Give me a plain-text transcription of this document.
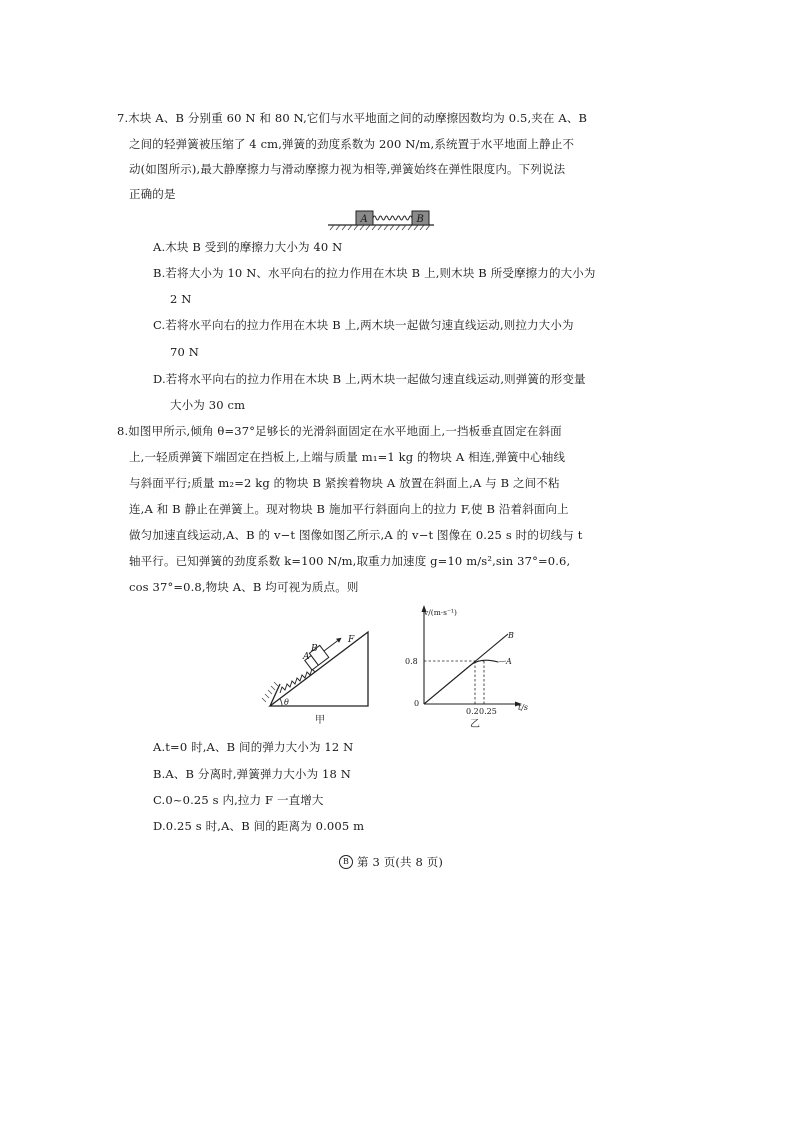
7.木块 A、B 分别重 60 N 和 80 N,它们与水平地面之间的动摩擦因数均为 0.5,夹在 A、B
之间的轻弹簧被压缩了 4 cm,弹簧的劲度系数为 200 N/m,系统置于水平地面上静止不
动(如图所示),最大静摩擦力与滑动摩擦力视为相等,弹簧始终在弹性限度内。下列说法
正确的是
A	B
A.木块 B 受到的摩擦力大小为 40 N
B.若将大小为 10 N、水平向右的拉力作用在木块 B 上,则木块 B 所受摩擦力的大小为
2 N
C.若将水平向右的拉力作用在木块 B 上,两木块一起做匀速直线运动,则拉力大小为
70 N
D.若将水平向右的拉力作用在木块 B 上,两木块一起做匀速直线运动,则弹簧的形变量
大小为 30 cm
8.如图甲所示,倾角 θ=37°足够长的光滑斜面固定在水平地面上,一挡板垂直固定在斜面
上,一轻质弹簧下端固定在挡板上,上端与质量 m₁=1 kg 的物块 A 相连,弹簧中心轴线
与斜面平行;质量 m₂=2 kg 的物块 B 紧挨着物块 A 放置在斜面上,A 与 B 之间不粘
连,A 和 B 静止在弹簧上。现对物块 B 施加平行斜面向上的拉力 F,使 B 沿着斜面向上
做匀加速直线运动,A、B 的 v−t 图像如图乙所示,A 的 v−t 图像在 0.25 s 时的切线与 t
轴平行。已知弹簧的劲度系数 k=100 N/m,取重力加速度 g=10 m/s²,sin 37°=0.6,
cos 37°=0.8,物块 A、B 均可视为质点。则
A
B
F
θ
甲
v/(m·s⁻¹)
t/s
0
0.8
0.2 0.25
B
A
乙
A.t=0 时,A、B 间的弹力大小为 12 N
B.A、B 分离时,弹簧弹力大小为 18 N
C.0~0.25 s 内,拉力 F 一直增大
D.0.25 s 时,A、B 间的距离为 0.005 m
B 第 3 页(共 8 页)
